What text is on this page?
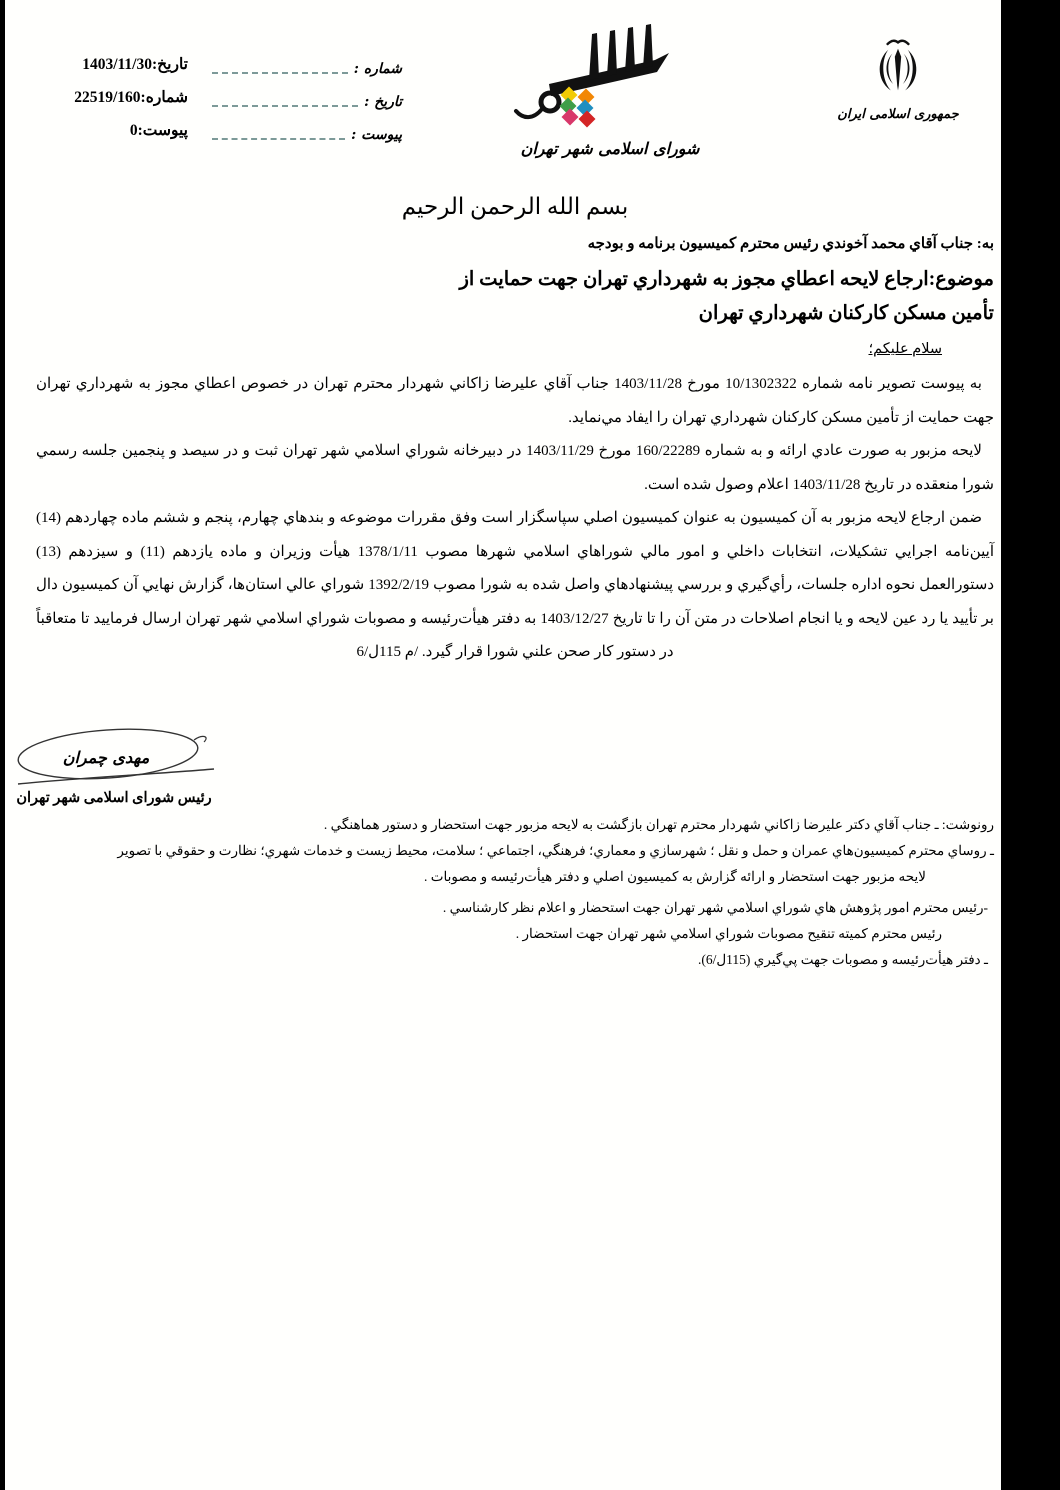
تاريخ:1403/11/30
شماره:22519/160
پيوست:0
شماره :
تاريخ :
پيوست :
شورای اسلامی شهر تهران
جمهوری اسلامی ایران

بسم الله الرحمن الرحيم

به: جناب آقاي محمد آخوندي رئيس محترم كميسيون برنامه و بودجه

موضوع:ارجاع لايحه اعطاي مجوز به شهرداري تهران جهت حمايت از
تأمين مسكن كاركنان شهرداري تهران

سلام عليكم؛

به پيوست تصوير نامه شماره 10/1302322 مورخ 1403/11/28 جناب آقاي عليرضا زاكاني شهردار محترم تهران در خصوص اعطاي مجوز به شهرداري تهران جهت حمايت از تأمين مسكن كاركنان شهرداري تهران را ايفاد مي‌نمايد.

لايحه مزبور به صورت عادي ارائه و به شماره 160/22289 مورخ 1403/11/29 در دبيرخانه شوراي اسلامي شهر تهران ثبت و در سيصد و پنجمين جلسه رسمي شورا منعقده در تاريخ 1403/11/28 اعلام وصول شده است.

ضمن ارجاع لايحه مزبور به آن كميسيون به عنوان كميسيون اصلي سپاسگزار است وفق مقررات موضوعه و بندهاي چهارم، پنجم و ششم ماده چهاردهم (14) آيين‌نامه اجرايي تشكيلات، انتخابات داخلي و امور مالي شوراهاي اسلامي شهرها مصوب 1378/1/11 هيأت وزيران و ماده يازدهم (11) و سيزدهم (13) دستورالعمل نحوه اداره جلسات، رأي‌گيري و بررسي پيشنهادهاي واصل شده به شورا مصوب 1392/2/19 شوراي عالي استان‌ها، گزارش نهايي آن كميسيون دال بر تأييد يا رد عين لايحه و يا انجام اصلاحات در متن آن را تا تاريخ 1403/12/27 به دفتر هيأت‌رئيسه و مصوبات شوراي اسلامي شهر تهران ارسال فرماييد تا متعاقباً در دستور كار صحن علني شورا قرار گيرد. /م 115ل/6

مهدی چمران
رئيس شورای اسلامی شهر تهران

رونوشت: ـ جناب آقاي دكتر عليرضا زاكاني شهردار محترم تهران بازگشت به لايحه مزبور جهت استحضار و دستور هماهنگي .

ـ روساي محترم كميسيون‌هاي عمران و حمل و نقل ؛ شهرسازي و معماري؛ فرهنگي، اجتماعي ؛ سلامت، محيط زيست و خدمات شهري؛ نظارت و حقوقي با تصوير

لايحه مزبور جهت استحضار و ارائه گزارش به كميسيون اصلي و دفتر هيأت‌رئيسه و مصوبات .

-رئيس محترم امور پژوهش هاي شوراي اسلامي شهر تهران جهت استحضار و اعلام نظر كارشناسي .

رئيس محترم كميته تنقيح مصوبات شوراي اسلامي شهر تهران جهت استحضار .

ـ دفتر هيأت‌رئيسه و مصوبات جهت پي‌گيري (115ل/6).
